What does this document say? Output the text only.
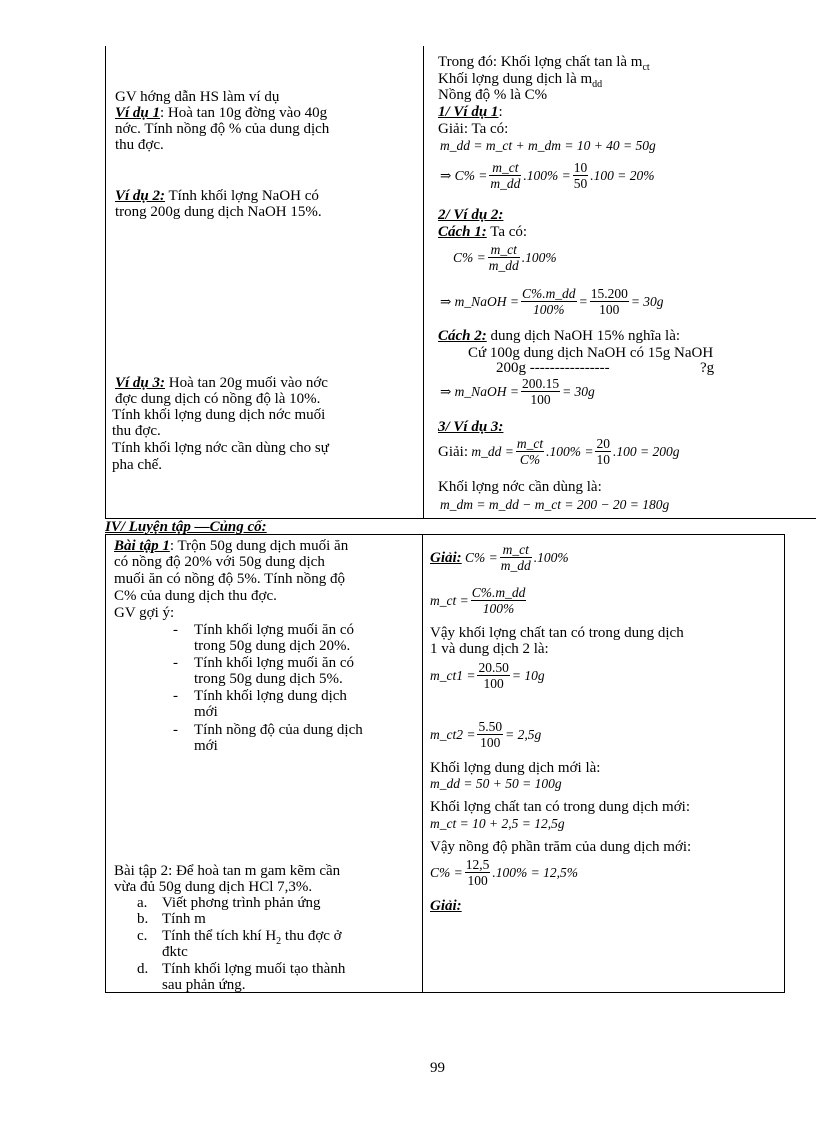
GV hớng dẫn HS làm ví dụ
Ví dụ 1: Hoà tan 10g đờng vào 40g
nớc. Tính nồng độ % của dung dịch
thu đợc.
Ví dụ 2: Tính khối lợng NaOH có
trong 200g dung dịch NaOH 15%.
Ví dụ 3: Hoà tan 20g muối vào nớc
đợc dung dịch có nồng độ là 10%.
Tính khối lợng dung dịch nớc muối
thu đợc.
Tính khối lợng nớc cần dùng cho sự
pha chế.
Trong đó: Khối lợng chất tan là $m_{ct}$
Khối lợng dung dịch là $m_{dd}$
Nồng độ % là C%
1/ Ví dụ 1:
Giải: Ta có:
m_dd = m_ct + m_dm = 10 + 40 = 50g
⇒ $C\% = \frac{m\_ct}{m\_dd} .100\% = \frac{10}{50} .100 = 20\%$
2/ Ví dụ 2:
Cách 1: Ta có:
$C\% = \frac{m\_ct}{m\_dd} .100\%$
⇒ m_NaOH = $\frac{C\%.m\_dd}{100\%} = \frac{15.200}{100} = 30g$
Cách 2: dung dịch NaOH 15% nghĩa là:
Cứ 100g dung dịch NaOH có 15g NaOH
200g ----------------	?g
⇒ m_NaOH = $\frac{200.15}{100} = 30g$
3/ Ví dụ 3:
Giải:
m_dd = $\frac{m\_ct}{C\%} .100\% = \frac{20}{10} .100 = 200g$
Khối lợng nớc cần dùng là:
m_dm = m_dd − m_ct = 200 − 20 = 180g
IV/ Luyện tập —Củng cố:
Bài tập 1: Trộn 50g dung dịch muối ăn
có nồng độ 20% với 50g dung dịch
muối ăn có nồng độ 5%. Tính nồng độ
C% của dung dịch thu đợc.
GV gợi ý:
- Tính khối lợng muối ăn có
trong 50g dung dịch 20%.
- Tính khối lợng muối ăn có
trong 50g dung dịch 5%.
- Tính khối lợng dung dịch
mới
- Tính nồng độ của dung dịch
mới
Bài tập 2: Để hoà tan m gam kẽm cần
vừa đủ 50g dung dịch HCl 7,3%.
a. Viết phơng trình phản ứng
b. Tính m
c. Tính thể tích khí $H_2$ thu đợc ở
đktc
d. Tính khối lợng muối tạo thành
sau phản ứng.
Giải:
$C\% = \frac{m\_ct}{m\_dd} .100\%$
m_ct = $\frac{C\%.m\_dd}{100\%}$
Vậy khối lợng chất tan có trong dung dịch
1 và dung dịch 2 là:
m_ct1 = $\frac{20.50}{100} = 10g$
m_ct2 = $\frac{5.50}{100} = 2,5g$
Khối lợng dung dịch mới là:
m_dd = 50 + 50 = 100g
Khối lợng chất tan có trong dung dịch mới:
m_ct = 10 + 2,5 = 12,5g
Vậy nồng độ phần trăm của dung dịch mới:
$C\% = \frac{12,5}{100} .100\% = 12,5\%$
Giải:
99
